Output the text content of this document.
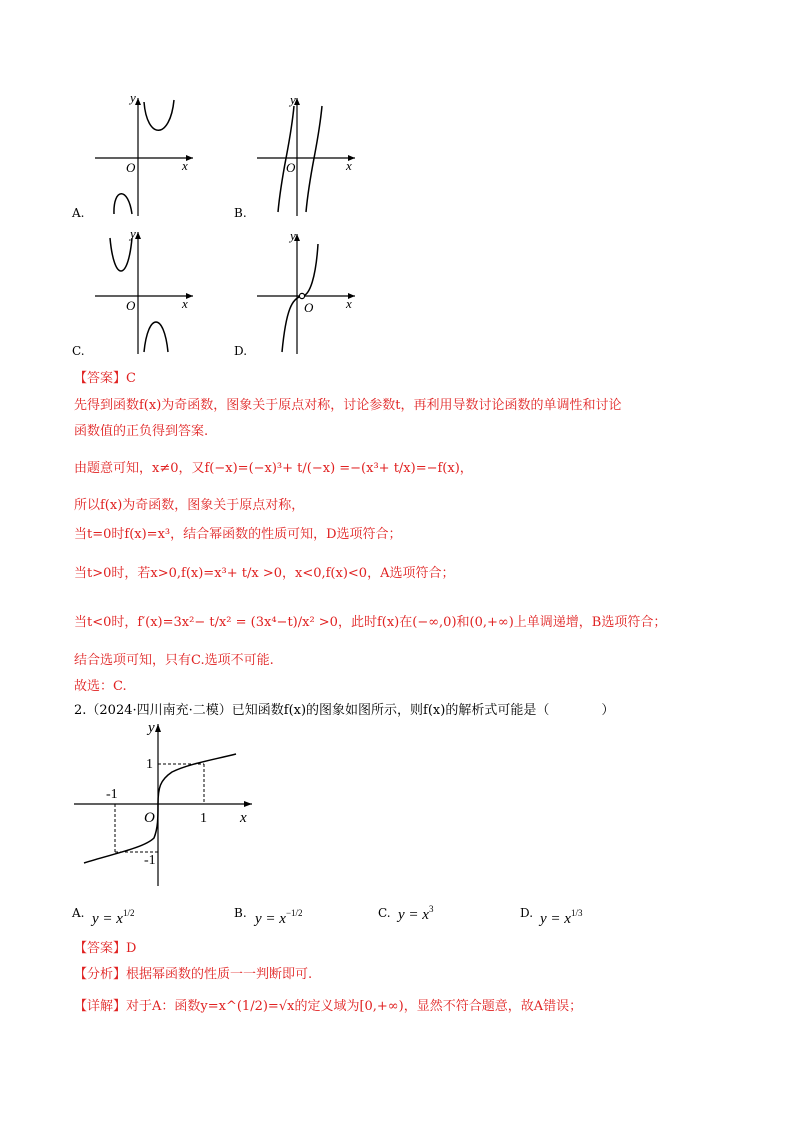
y
x
O
A.
y
x
O
B.
y
x
O
C.
y
x
O
D.
【答案】C
先得到函数f(x)为奇函数，图象关于原点对称，讨论参数t，再利用导数讨论函数的单调性和讨论
函数值的正负得到答案.
由题意可知，x≠0，又f(−x)=(−x)³+ t/(−x) =−(x³+ t/x)=−f(x)，
所以f(x)为奇函数，图象关于原点对称，
当t=0时f(x)=x³，结合幂函数的性质可知，D选项符合；
当t>0时，若x>0,f(x)=x³+ t/x >0，x<0,f(x)<0，A选项符合；
当t<0时，f′(x)=3x²− t/x² = (3x⁴−t)/x² >0，此时f(x)在(−∞,0)和(0,+∞)上单调递增，B选项符合；
结合选项可知，只有C.选项不可能.
故选：C.
2.（2024·四川南充·二模）已知函数f(x)的图象如图所示，则f(x)的解析式可能是（　　　　）
y
x
O
-1
1
1
-1
A. $y = x^{1/2}$	B. $y = x^{-1/2}$	C. $y = x^3$	D. $y = x^{1/3}$
【答案】D
【分析】根据幂函数的性质一一判断即可.
【详解】对于A：函数y=x^(1/2)=√x的定义域为[0,+∞)，显然不符合题意，故A错误；
